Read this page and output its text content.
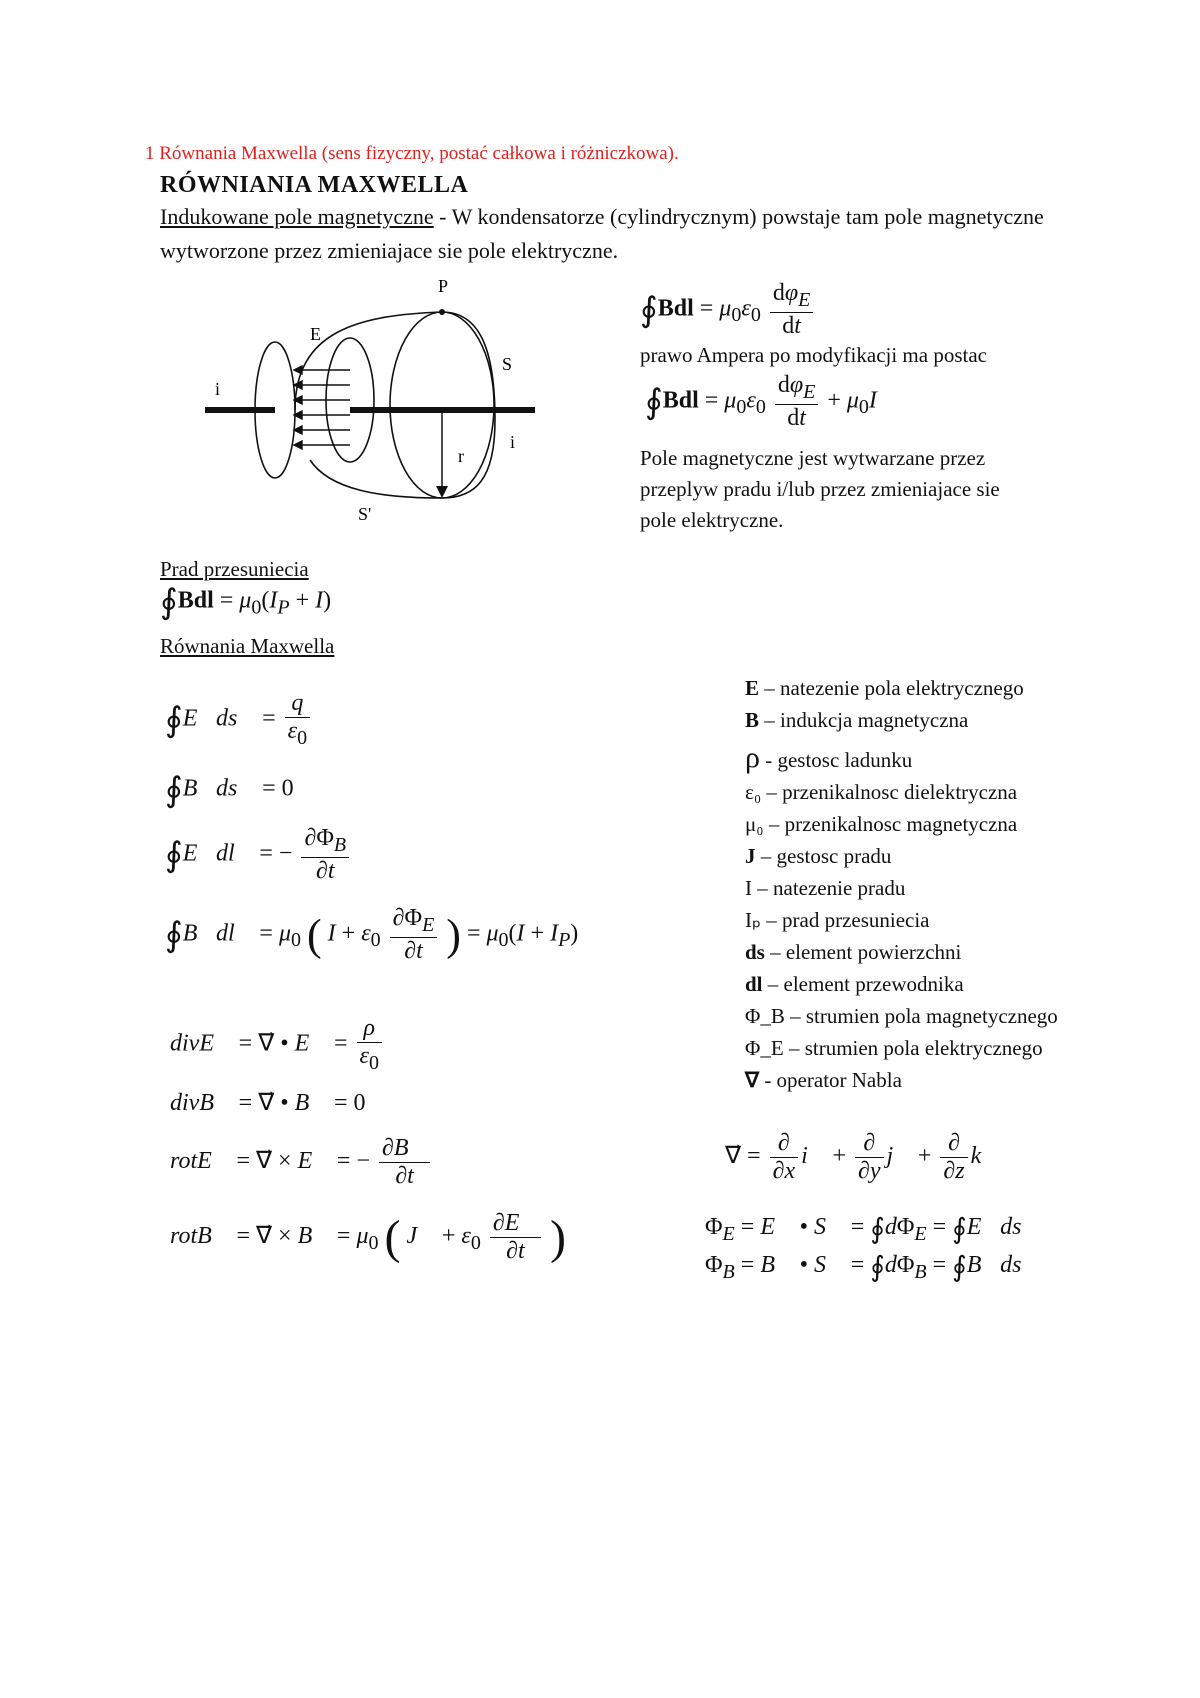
1 Równania Maxwella (sens fizyczny, postać całkowa i różniczkowa).
RÓWNIANIA MAXWELLA
Indukowane pole magnetyczne - W kondensatorze (cylindrycznym) powstaje tam pole magnetyczne wytworzone przez zmieniajace sie pole elektryczne.
P
E
S
i
i
r
S'
∮Bdl = $\mu_0\varepsilon_0 \frac{d\varphi_E}{dt}$
prawo Ampera po modyfikacji ma postac
∮Bdl = $\mu_0\varepsilon_0 \frac{d\varphi_E}{dt} + \mu_0I$
Pole magnetyczne jest wytwarzane przez
przeplyw pradu i/lub przez zmieniajace sie
pole elektryczne.
Prad przesuniecia
∮Bdl = $\mu_0(I_P + I)$
Równania Maxwella
∮E⃗ds⃗ = $\frac{q}{\varepsilon_0}$
∮B⃗ds⃗ = 0
∮E⃗dl⃗ = − $\frac{\partial\Phi_B}{\partial t}$
∮B⃗dl⃗ = $\mu_0$ ( $I + \varepsilon_0 \frac{\partial\Phi_E}{\partial t}$ ) = $\mu_0(I + I_P)$
divE⃗ = ∇⃗ • E⃗ = $\frac{\rho}{\varepsilon_0}$
divB⃗ = ∇⃗ • B⃗ = 0
rotE⃗ = ∇⃗ × E⃗ = − $\frac{\partial B⃗}{\partial t}$
rotB⃗ = ∇⃗ × B⃗ = $\mu_0$ ( J⃗ + $\varepsilon_0 \frac{\partial E⃗}{\partial t}$ )
E – natezenie pola elektrycznego
B – indukcja magnetyczna
ρ - gestosc ladunku
ε₀ – przenikalnosc dielektryczna
μ₀ – przenikalnosc magnetyczna
J – gestosc pradu
I – natezenie pradu
Iₚ – prad przesuniecia
ds – element powierzchni
dl – element przewodnika
Φ_B – strumien pola magnetycznego
Φ_E – strumien pola elektrycznego
∇ - operator Nabla
∇⃗ = $\frac{\partial}{\partial x}$ i⃗ + $\frac{\partial}{\partial y}$ j⃗ + $\frac{\partial}{\partial z}$ k⃗
$\Phi_E$ = E⃗ • S⃗ = $∮d\Phi_E$ = ∮E⃗ds⃗
$\Phi_B$ = B⃗ • S⃗ = $∮d\Phi_B$ = ∮B⃗ds⃗
